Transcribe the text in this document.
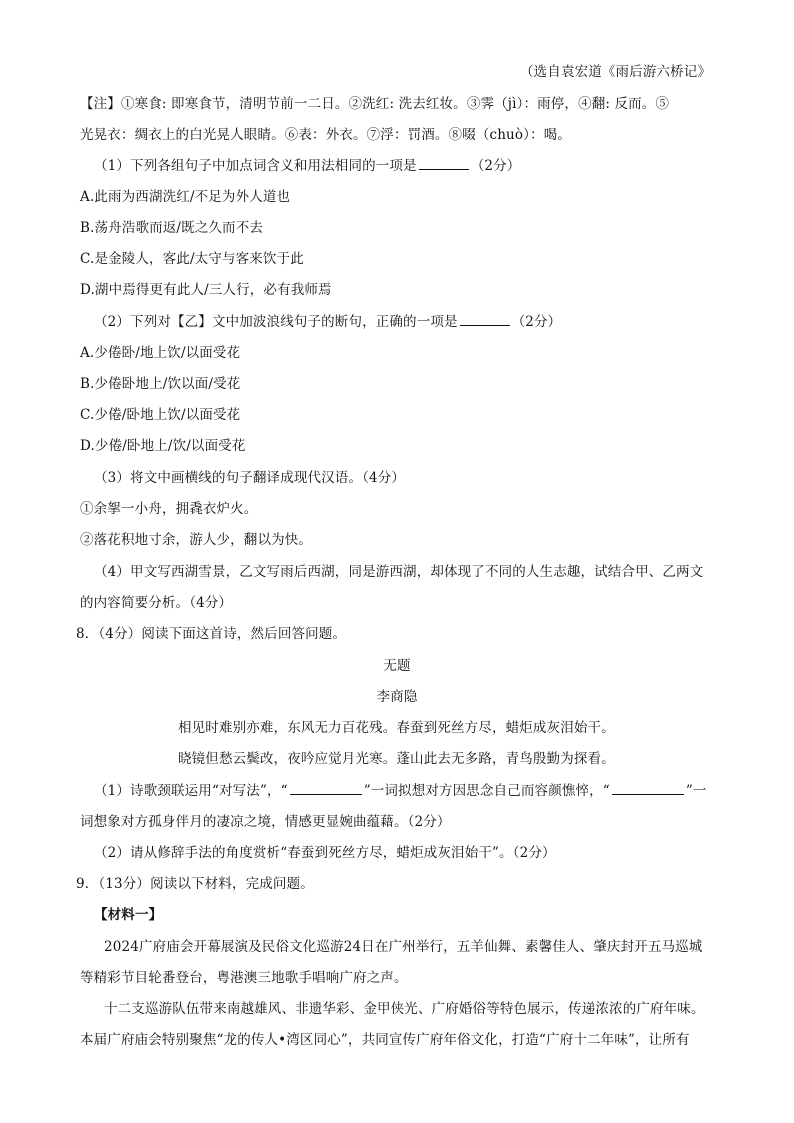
（选自袁宏道《雨后游六桥记》
【注】①寒食: 即寒食节，清明节前一二日。②洗红: 洗去红妆。③霁（jì）：雨停，④翻: 反而。⑤
光晃衣：绸衣上的白光晃人眼睛。⑥表：外衣。⑦浮：罚酒。⑧啜（chuò）：喝。
（1）下列各组句子中加点词含义和用法相同的一项是	（2分）
A.此雨为西湖洗红/不足为外人道也
B.荡舟浩歌而返/既之久而不去
C.是金陵人，客此/太守与客来饮于此
D.湖中焉得更有此人/三人行，必有我师焉
（2）下列对【乙】文中加波浪线句子的断句，正确的一项是	（2分）
A.少倦卧/地上饮/以面受花
B.少倦卧地上/饮以面/受花
C.少倦/卧地上饮/以面受花
D.少倦/卧地上/饮/以面受花
（3）将文中画横线的句子翻译成现代汉语。（4分）
①余挐一小舟，拥毳衣炉火。
②落花积地寸余，游人少，翻以为快。
（4）甲文写西湖雪景，乙文写雨后西湖，同是游西湖，却体现了不同的人生志趣，试结合甲、乙两文
的内容简要分析。（4分）
8．（4分）阅读下面这首诗，然后回答问题。
无题
李商隐
相见时难别亦难，东风无力百花残。春蚕到死丝方尽，蜡炬成灰泪始干。
晓镜但愁云鬓改，夜吟应觉月光寒。蓬山此去无多路，青鸟殷勤为探看。
（1）诗歌颈联运用“对写法”，“	”一词拟想对方因思念自己而容颜憔悴，“	”一
词想象对方孤身伴月的凄凉之境，情感更显婉曲蕴藉。（2分）
（2）请从修辞手法的角度赏析“春蚕到死丝方尽，蜡炬成灰泪始干”。（2分）
9．（13分）阅读以下材料，完成问题。
【材料一】
2024广府庙会开幕展演及民俗文化巡游24日在广州举行，五羊仙舞、素馨佳人、肇庆封开五马巡城
等精彩节目轮番登台，粤港澳三地歌手唱响广府之声。
十二支巡游队伍带来南越雄风、非遗华彩、金甲侠光、广府婚俗等特色展示，传递浓浓的广府年味。
本届广府庙会特别聚焦“龙的传人•湾区同心”，共同宣传广府年俗文化，打造“广府十二年味”，让所有
